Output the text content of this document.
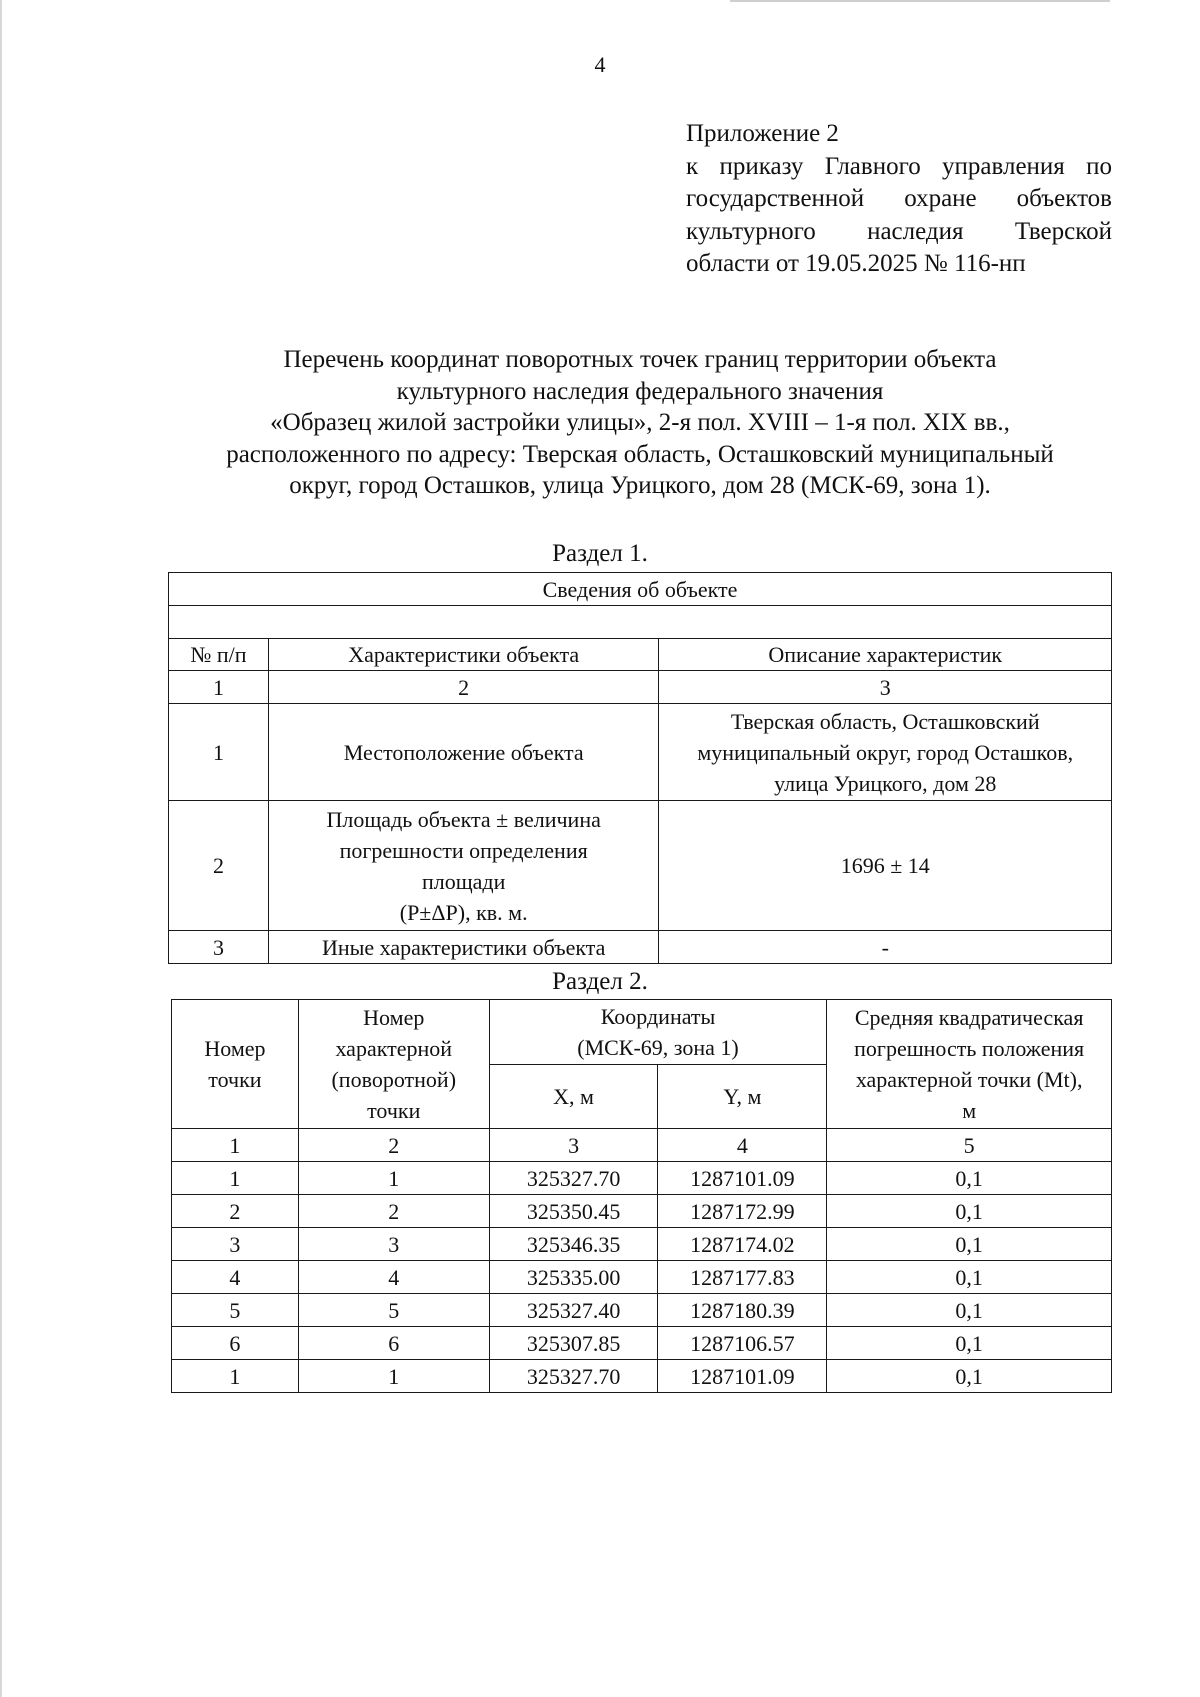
4
Приложение 2
к приказу Главного управления по
государственной охране объектов
культурного наследия Тверской
области от 19.05.2025 № 116-нп
Перечень координат поворотных точек границ территории объекта
культурного наследия федерального значения
«Образец жилой застройки улицы», 2-я пол. XVIII – 1-я пол. XIX вв.,
расположенного по адресу: Тверская область, Осташковский муниципальный
округ, город Осташков, улица Урицкого, дом 28 (МСК-69, зона 1).
Раздел 1.
Сведения об объекте		

№ п/п	Характеристики объекта	Описание характеристик
1	2	3
1	Местоположение объекта	Тверская область, Осташковский
муниципальный округ, город Осташков,
улица Урицкого, дом 28

2	Площадь объекта ± величина
погрешности определения
площади
(Р±ΔР), кв. м.	1696 ± 14

3	Иные характеристики объекта	-
Раздел 2.
Номер
точки	Номер
характерной
(поворотной)
точки	Координаты
(МСК-69, зона 1)		Средняя квадратическая
погрешность положения
характерной точки (Mt),
м

		X, м	Y, м	
1	2	3	4	5
1	1	325327.70	1287101.09	0,1
2	2	325350.45	1287172.99	0,1
3	3	325346.35	1287174.02	0,1
4	4	325335.00	1287177.83	0,1
5	5	325327.40	1287180.39	0,1
6	6	325307.85	1287106.57	0,1
1	1	325327.70	1287101.09	0,1
